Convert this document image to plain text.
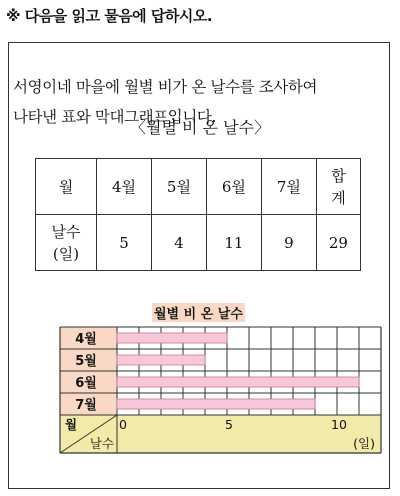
※ 다음을 읽고 물음에 답하시오.
서영이네 마을에 월별 비가 온 날수를 조사하여
나타낸 표와 막대그래프입니다.
〈월별 비 온 날수〉
월	4월	5월	6월	7월	합
계

날수
(일)	5	4	11	9	29
월별 비 온 날수
4월
5월
6월
7월
0	5	10
(일)
월
날수
